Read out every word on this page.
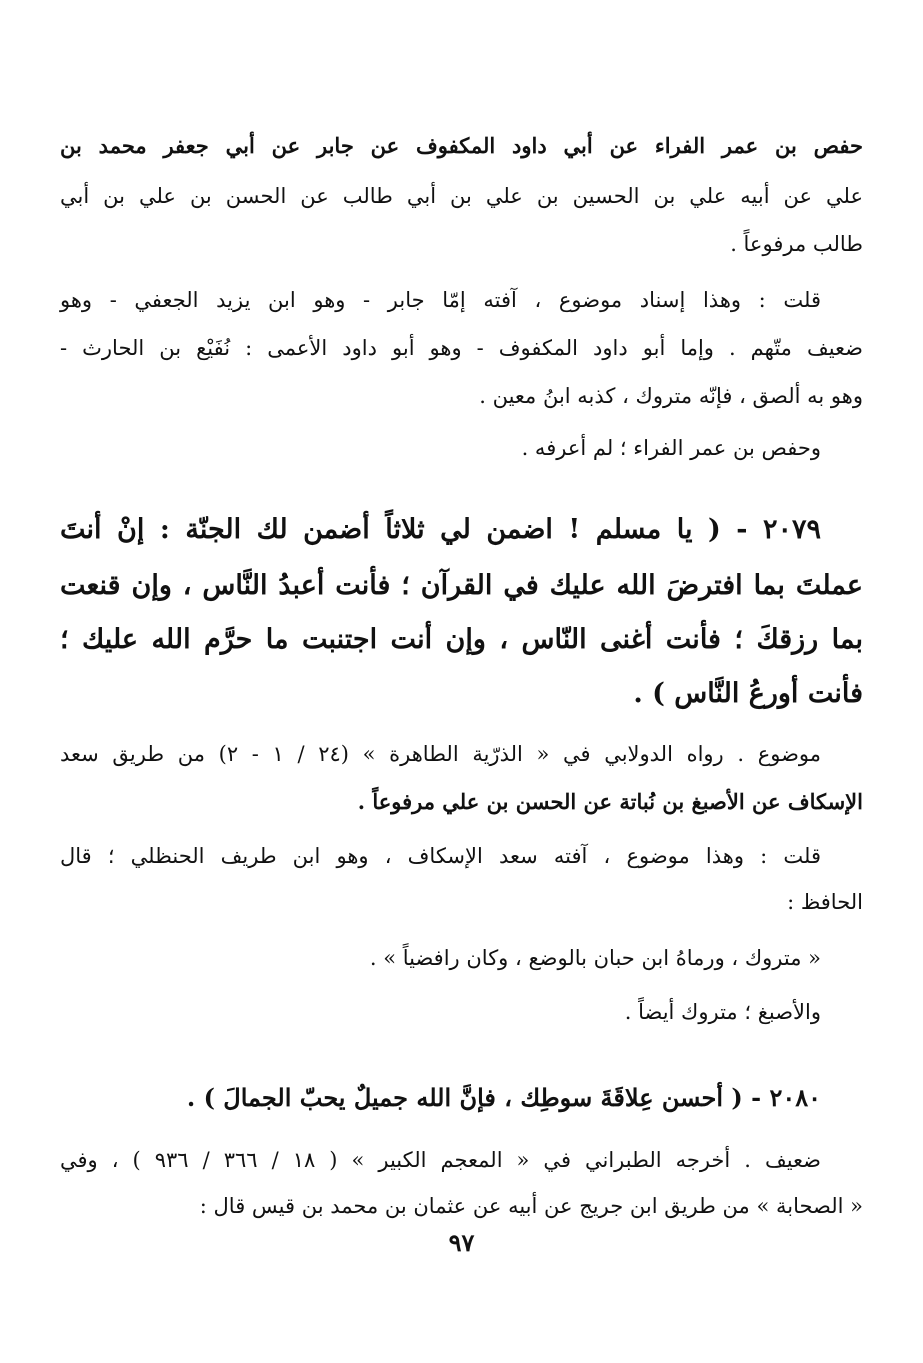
حفص بن عمر الفراء عن أبي داود المكفوف عن جابر عن أبي جعفر محمد بن
علي عن أبيه علي بن الحسين بن علي بن أبي طالب عن الحسن بن علي بن أبي
طالب مرفوعاً .
قلت : وهذا إسناد موضوع ، آفته إمّا جابر - وهو ابن يزيد الجعفي - وهو
ضعيف متّهم . وإما أبو داود المكفوف - وهو أبو داود الأعمى : نُفَيْع بن الحارث -
وهو به ألصق ، فإنّه متروك ، كذبه ابنُ معين .
وحفص بن عمر الفراء ؛ لم أعرفه .
٢٠٧٩ - ( يا مسلم ! اضمن لي ثلاثاً أضمن لك الجنّة : إنْ أنتَ
عملتَ بما افترضَ الله عليك في القرآن ؛ فأنت أعبدُ النَّاس ، وإن قنعت
بما رزقكَ ؛ فأنت أغنى النّاس ، وإن أنت اجتنبت ما حرَّم الله عليك ؛
فأنت أورعُ النَّاس ) .
موضوع . رواه الدولابي في « الذرّية الطاهرة » (٢٤ / ١ - ٢) من طريق سعد
الإسكاف عن الأصبغ بن نُباتة عن الحسن بن علي مرفوعاً .
قلت : وهذا موضوع ، آفته سعد الإسكاف ، وهو ابن طريف الحنظلي ؛ قال
الحافظ :
« متروك ، ورماهُ ابن حبان بالوضع ، وكان رافضياً » .
والأصبغ ؛ متروك أيضاً .
٢٠٨٠ - ( أحسن عِلاقَةَ سوطِك ، فإنَّ الله جميلٌ يحبّ الجمالَ ) .
ضعيف . أخرجه الطبراني في « المعجم الكبير » ( ١٨ / ٣٦٦ / ٩٣٦ ) ، وفي
« الصحابة » من طريق ابن جريج عن أبيه عن عثمان بن محمد بن قيس قال :
٩٧
